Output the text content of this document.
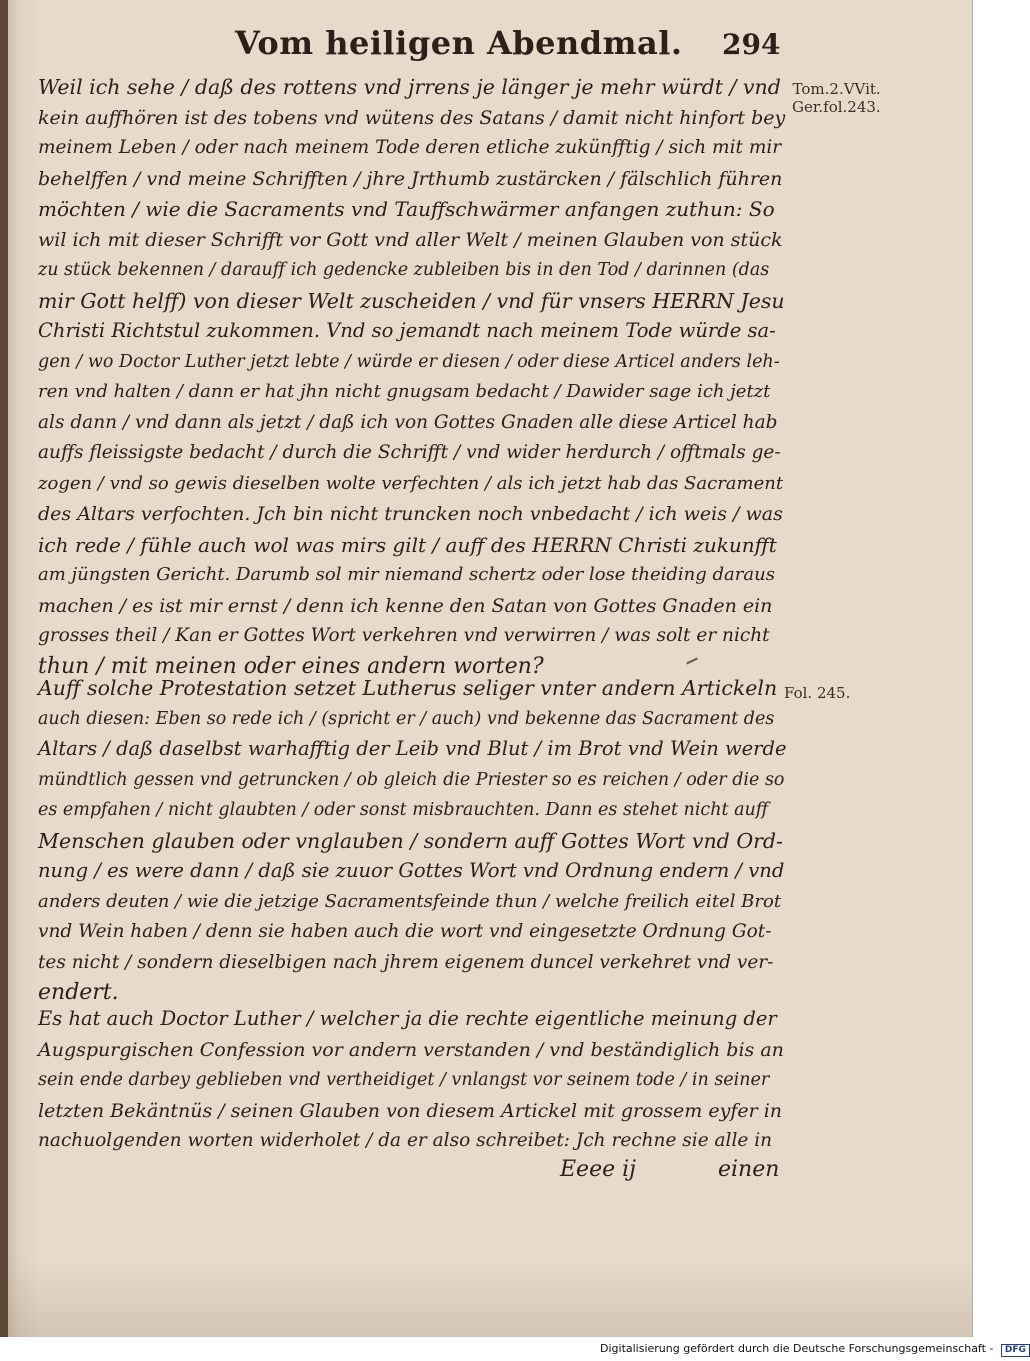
Vom heiligen Abendmal. 294
Tom.2.VVit.
Ger.fol.243.
Fol. 245.
Weil ich sehe / daß des rottens vnd jrrens je länger je mehr würdt / vnd
kein auffhören ist des tobens vnd wütens des Satans / damit nicht hinfort bey
meinem Leben / oder nach meinem Tode deren etliche zukünfftig / sich mit mir
behelffen / vnd meine Schrifften / jhre Jrthumb zustärcken / fälschlich führen
möchten / wie die Sacraments vnd Tauffschwärmer anfangen zuthun: So
wil ich mit dieser Schrifft vor Gott vnd aller Welt / meinen Glauben von stück
zu stück bekennen / darauff ich gedencke zubleiben bis in den Tod / darinnen (das
mir Gott helff) von dieser Welt zuscheiden / vnd für vnsers HERRN Jesu
Christi Richtstul zukommen. Vnd so jemandt nach meinem Tode würde sa-
gen / wo Doctor Luther jetzt lebte / würde er diesen / oder diese Articel anders leh-
ren vnd halten / dann er hat jhn nicht gnugsam bedacht / Dawider sage ich jetzt
als dann / vnd dann als jetzt / daß ich von Gottes Gnaden alle diese Articel hab
auffs fleissigste bedacht / durch die Schrifft / vnd wider herdurch / offtmals ge-
zogen / vnd so gewis dieselben wolte verfechten / als ich jetzt hab das Sacrament
des Altars verfochten. Jch bin nicht truncken noch vnbedacht / ich weis / was
ich rede / fühle auch wol was mirs gilt / auff des HERRN Christi zukunfft
am jüngsten Gericht. Darumb sol mir niemand schertz oder lose theiding daraus
machen / es ist mir ernst / denn ich kenne den Satan von Gottes Gnaden ein
grosses theil / Kan er Gottes Wort verkehren vnd verwirren / was solt er nicht
thun / mit meinen oder eines andern worten?
Auff solche Protestation setzet Lutherus seliger vnter andern Artickeln
auch diesen: Eben so rede ich / (spricht er / auch) vnd bekenne das Sacrament des
Altars / daß daselbst warhafftig der Leib vnd Blut / im Brot vnd Wein werde
mündtlich gessen vnd getruncken / ob gleich die Priester so es reichen / oder die so
es empfahen / nicht glaubten / oder sonst misbrauchten. Dann es stehet nicht auff
Menschen glauben oder vnglauben / sondern auff Gottes Wort vnd Ord-
nung / es were dann / daß sie zuuor Gottes Wort vnd Ordnung endern / vnd
anders deuten / wie die jetzige Sacramentsfeinde thun / welche freilich eitel Brot
vnd Wein haben / denn sie haben auch die wort vnd eingesetzte Ordnung Got-
tes nicht / sondern dieselbigen nach jhrem eigenem duncel verkehret vnd ver-
endert.
Es hat auch Doctor Luther / welcher ja die rechte eigentliche meinung der
Augspurgischen Confession vor andern verstanden / vnd beständiglich bis an
sein ende darbey geblieben vnd vertheidiget / vnlangst vor seinem tode / in seiner
letzten Bekäntnüs / seinen Glauben von diesem Artickel mit grossem eyfer in
nachuolgenden worten widerholet / da er also schreibet: Jch rechne sie alle in
Eeee ij	einen
Digitalisierung gefördert durch die Deutsche Forschungsgemeinschaft - DFG
